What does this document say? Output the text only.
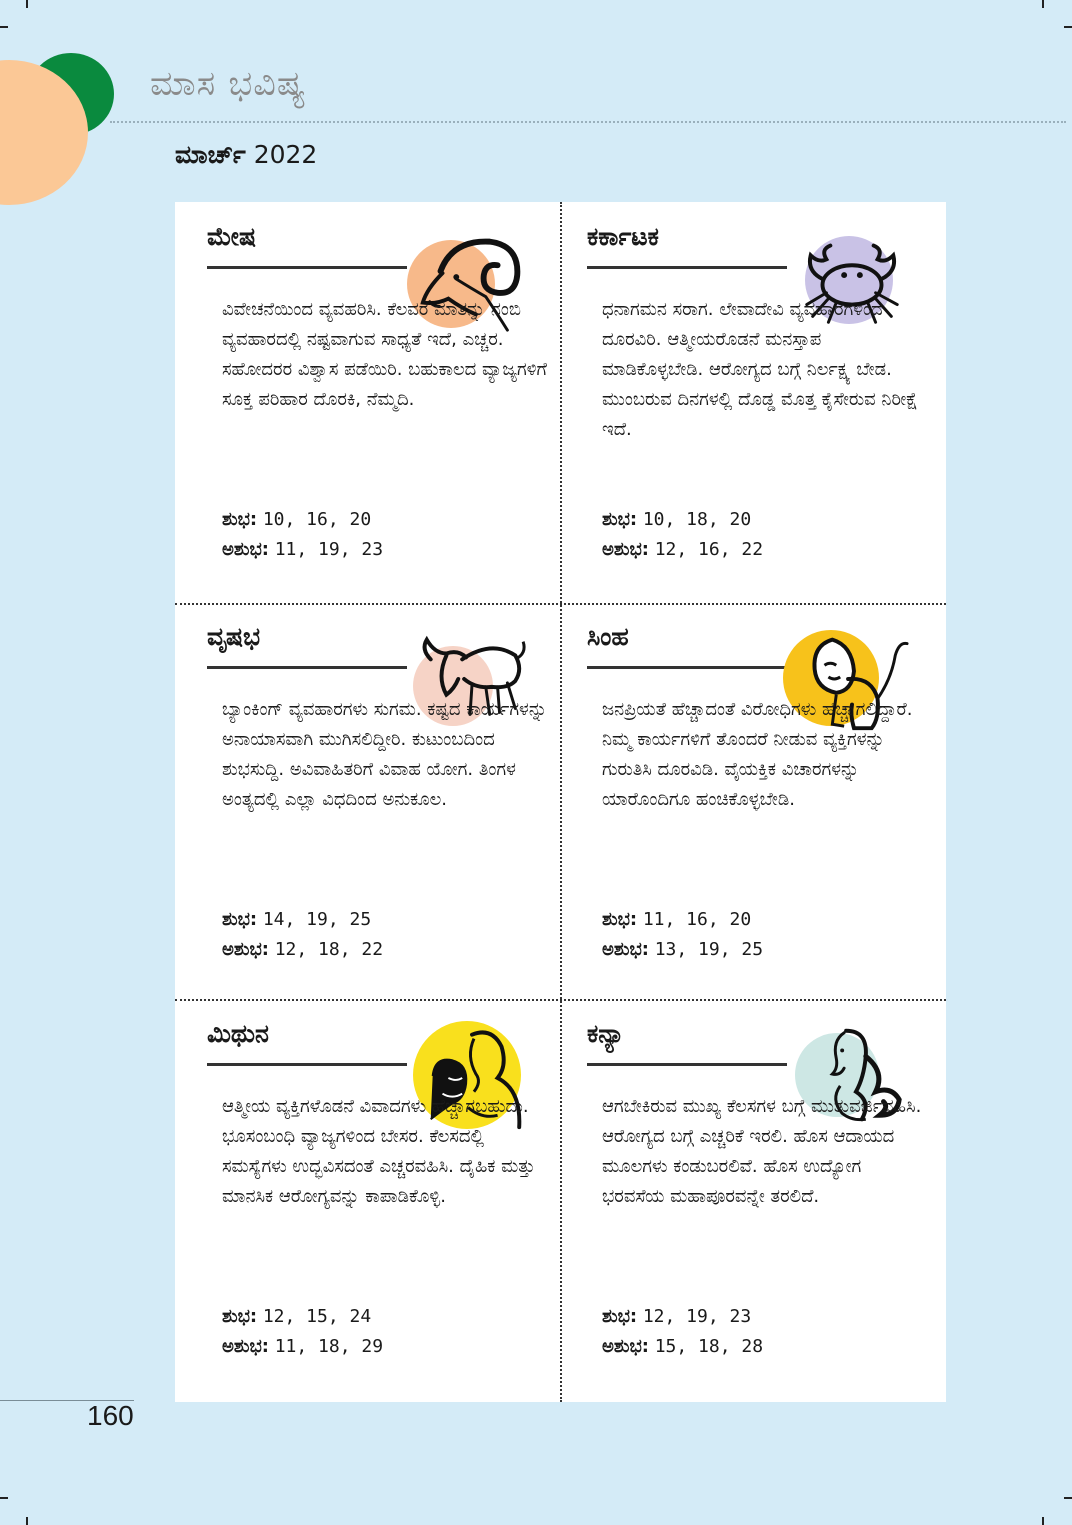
ಮಾಸ ಭವಿಷ್ಯ
ಮಾರ್ಚ್ 2022
ಮೇಷ

ವಿವೇಚನೆಯಿಂದ ವ್ಯವಹರಿಸಿ. ಕೆಲವರ ಮಾತನ್ನು ನಂಬಿ ವ್ಯವಹಾರದಲ್ಲಿ ನಷ್ಟವಾಗುವ ಸಾಧ್ಯತೆ ಇದೆ, ಎಚ್ಚರ. ಸಹೋದರರ ವಿಶ್ವಾಸ ಪಡೆಯಿರಿ. ಬಹುಕಾಲದ ವ್ಯಾಜ್ಯಗಳಿಗೆ ಸೂಕ್ತ ಪರಿಹಾರ ದೊರಕಿ, ನೆಮ್ಮದಿ.

ಶುಭ: 10, 16, 20

ಅಶುಭ: 11, 19, 23

ಕರ್ಕಾಟಕ

ಧನಾಗಮನ ಸರಾಗ. ಲೇವಾದೇವಿ ವ್ಯವಹಾರಗಳಿಂದ ದೂರವಿರಿ. ಆತ್ಮೀಯರೊಡನೆ ಮನಸ್ತಾಪ ಮಾಡಿಕೊಳ್ಳಬೇಡಿ. ಆರೋಗ್ಯದ ಬಗ್ಗೆ ನಿರ್ಲಕ್ಷ್ಯ ಬೇಡ. ಮುಂಬರುವ ದಿನಗಳಲ್ಲಿ ದೊಡ್ಡ ಮೊತ್ತ ಕೈಸೇರುವ ನಿರೀಕ್ಷೆ ಇದೆ.

ಶುಭ: 10, 18, 20

ಅಶುಭ: 12, 16, 22

ವೃಷಭ

ಬ್ಯಾಂಕಿಂಗ್ ವ್ಯವಹಾರಗಳು ಸುಗಮ. ಕಷ್ಟದ ಕಾರ್ಯಗಳನ್ನು ಅನಾಯಾಸವಾಗಿ ಮುಗಿಸಲಿದ್ದೀರಿ. ಕುಟುಂಬದಿಂದ ಶುಭಸುದ್ದಿ. ಅವಿವಾಹಿತರಿಗೆ ವಿವಾಹ ಯೋಗ. ತಿಂಗಳ ಅಂತ್ಯದಲ್ಲಿ ಎಲ್ಲಾ ವಿಧದಿಂದ ಅನುಕೂಲ.

ಶುಭ: 14, 19, 25

ಅಶುಭ: 12, 18, 22

ಸಿಂಹ

ಜನಪ್ರಿಯತೆ ಹೆಚ್ಚಾದಂತೆ ವಿರೋಧಿಗಳು ಹೆಚ್ಚಾಗಲಿದ್ದಾರೆ. ನಿಮ್ಮ ಕಾರ್ಯಗಳಿಗೆ ತೊಂದರೆ ನೀಡುವ ವ್ಯಕ್ತಿಗಳನ್ನು ಗುರುತಿಸಿ ದೂರವಿಡಿ. ವೈಯಕ್ತಿಕ ವಿಚಾರಗಳನ್ನು ಯಾರೊಂದಿಗೂ ಹಂಚಿಕೊಳ್ಳಬೇಡಿ.

ಶುಭ: 11, 16, 20

ಅಶುಭ: 13, 19, 25

ಮಿಥುನ

ಆತ್ಮೀಯ ವ್ಯಕ್ತಿಗಳೊಡನೆ ವಿವಾದಗಳು ಹೆಚ್ಚಾಗಬಹುದು. ಭೂಸಂಬಂಧಿ ವ್ಯಾಜ್ಯಗಳಿಂದ ಬೇಸರ. ಕೆಲಸದಲ್ಲಿ ಸಮಸ್ಯೆಗಳು ಉದ್ಭವಿಸದಂತೆ ಎಚ್ಚರವಹಿಸಿ. ದೈಹಿಕ ಮತ್ತು ಮಾನಸಿಕ ಆರೋಗ್ಯವನ್ನು ಕಾಪಾಡಿಕೊಳ್ಳಿ.

ಶುಭ: 12, 15, 24

ಅಶುಭ: 11, 18, 29

ಕನ್ಯಾ

ಆಗಬೇಕಿರುವ ಮುಖ್ಯ ಕೆಲಸಗಳ ಬಗ್ಗೆ ಮುತುವರ್ಜಿವಹಿಸಿ. ಆರೋಗ್ಯದ ಬಗ್ಗೆ ಎಚ್ಚರಿಕೆ ಇರಲಿ. ಹೊಸ ಆದಾಯದ ಮೂಲಗಳು ಕಂಡುಬರಲಿವೆ. ಹೊಸ ಉದ್ಯೋಗ ಭರವಸೆಯ ಮಹಾಪೂರವನ್ನೇ ತರಲಿದೆ.

ಶುಭ: 12, 19, 23

ಅಶುಭ: 15, 18, 28

160
